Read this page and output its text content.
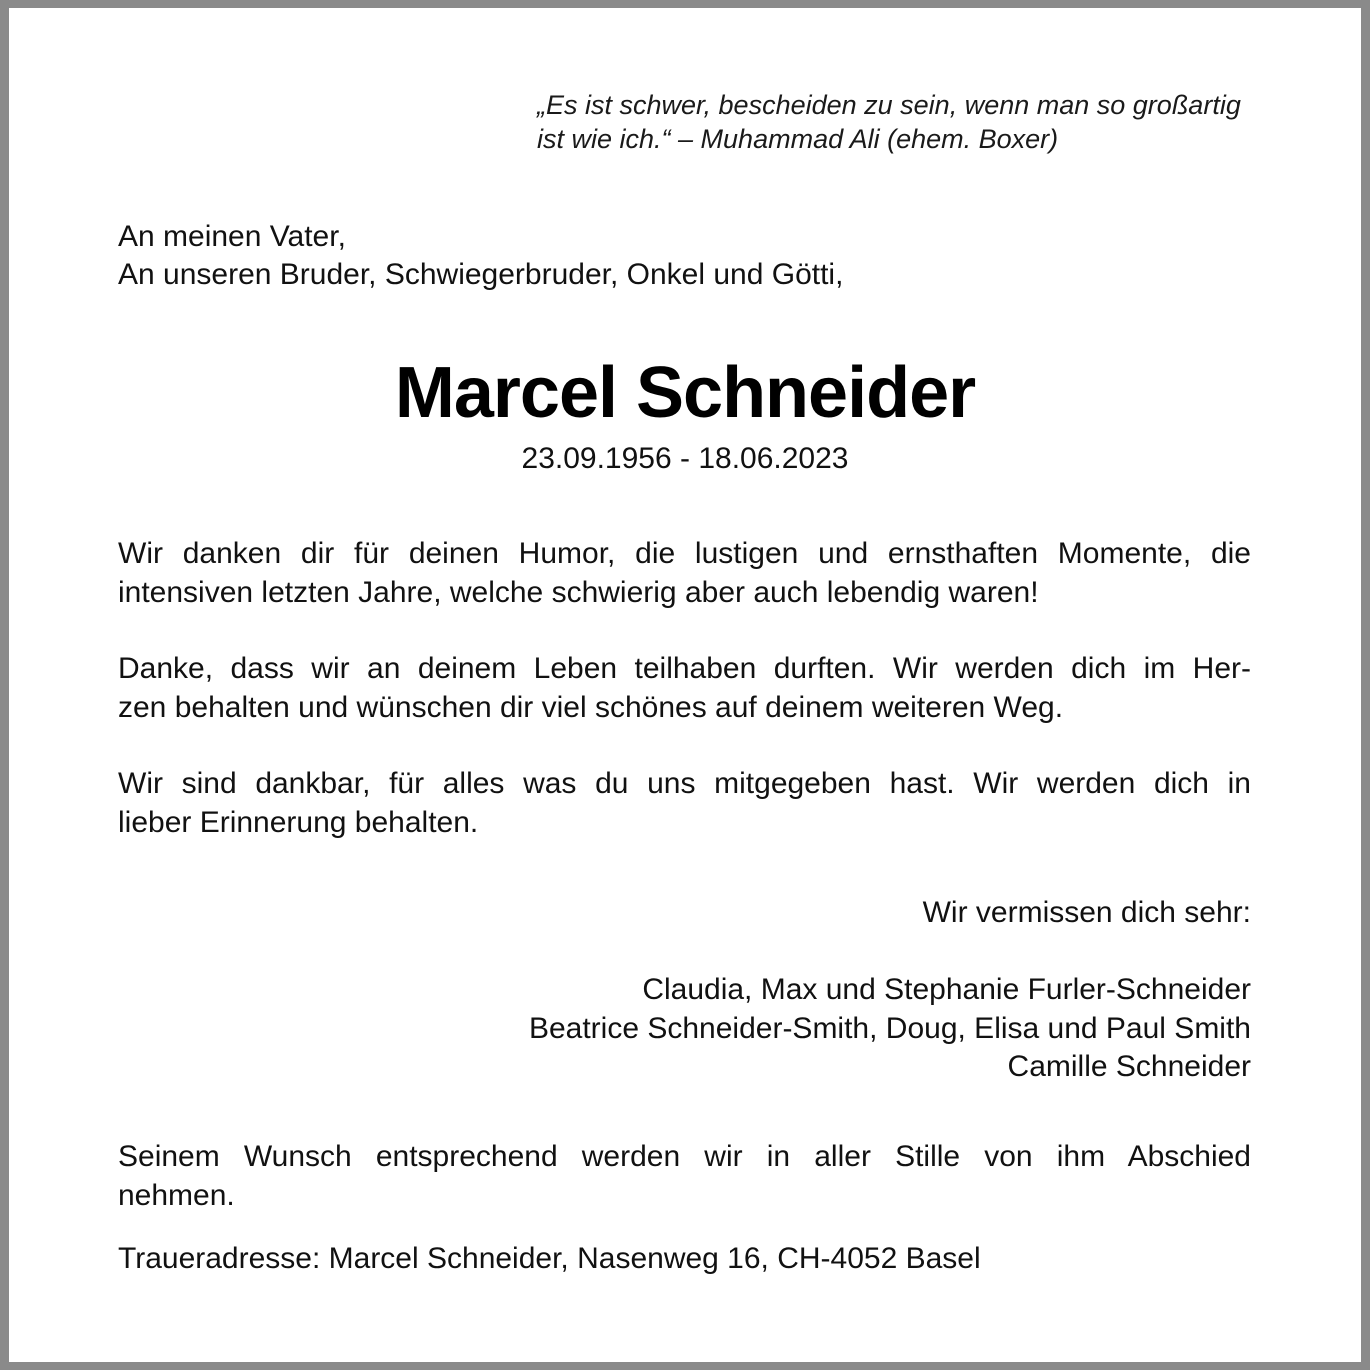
„Es ist schwer, bescheiden zu sein, wenn man so großartig
ist wie ich.“ – Muhammad Ali (ehem. Boxer)
An meinen Vater,
An unseren Bruder, Schwiegerbruder, Onkel und Götti,
Marcel Schneider
23.09.1956 - 18.06.2023
Wir danken dir für deinen Humor, die lustigen und ernsthaften Momente, die
intensiven letzten Jahre, welche schwierig aber auch lebendig waren!
Danke, dass wir an deinem Leben teilhaben durften. Wir werden dich im Her-
zen behalten und wünschen dir viel schönes auf deinem weiteren Weg.
Wir sind dankbar, für alles was du uns mitgegeben hast. Wir werden dich in
lieber Erinnerung behalten.
Wir vermissen dich sehr:
Claudia, Max und Stephanie Furler-Schneider
Beatrice Schneider-Smith, Doug, Elisa und Paul Smith
Camille Schneider
Seinem Wunsch entsprechend werden wir in aller Stille von ihm Abschied
nehmen.
Traueradresse: Marcel Schneider, Nasenweg 16, CH-4052 Basel
